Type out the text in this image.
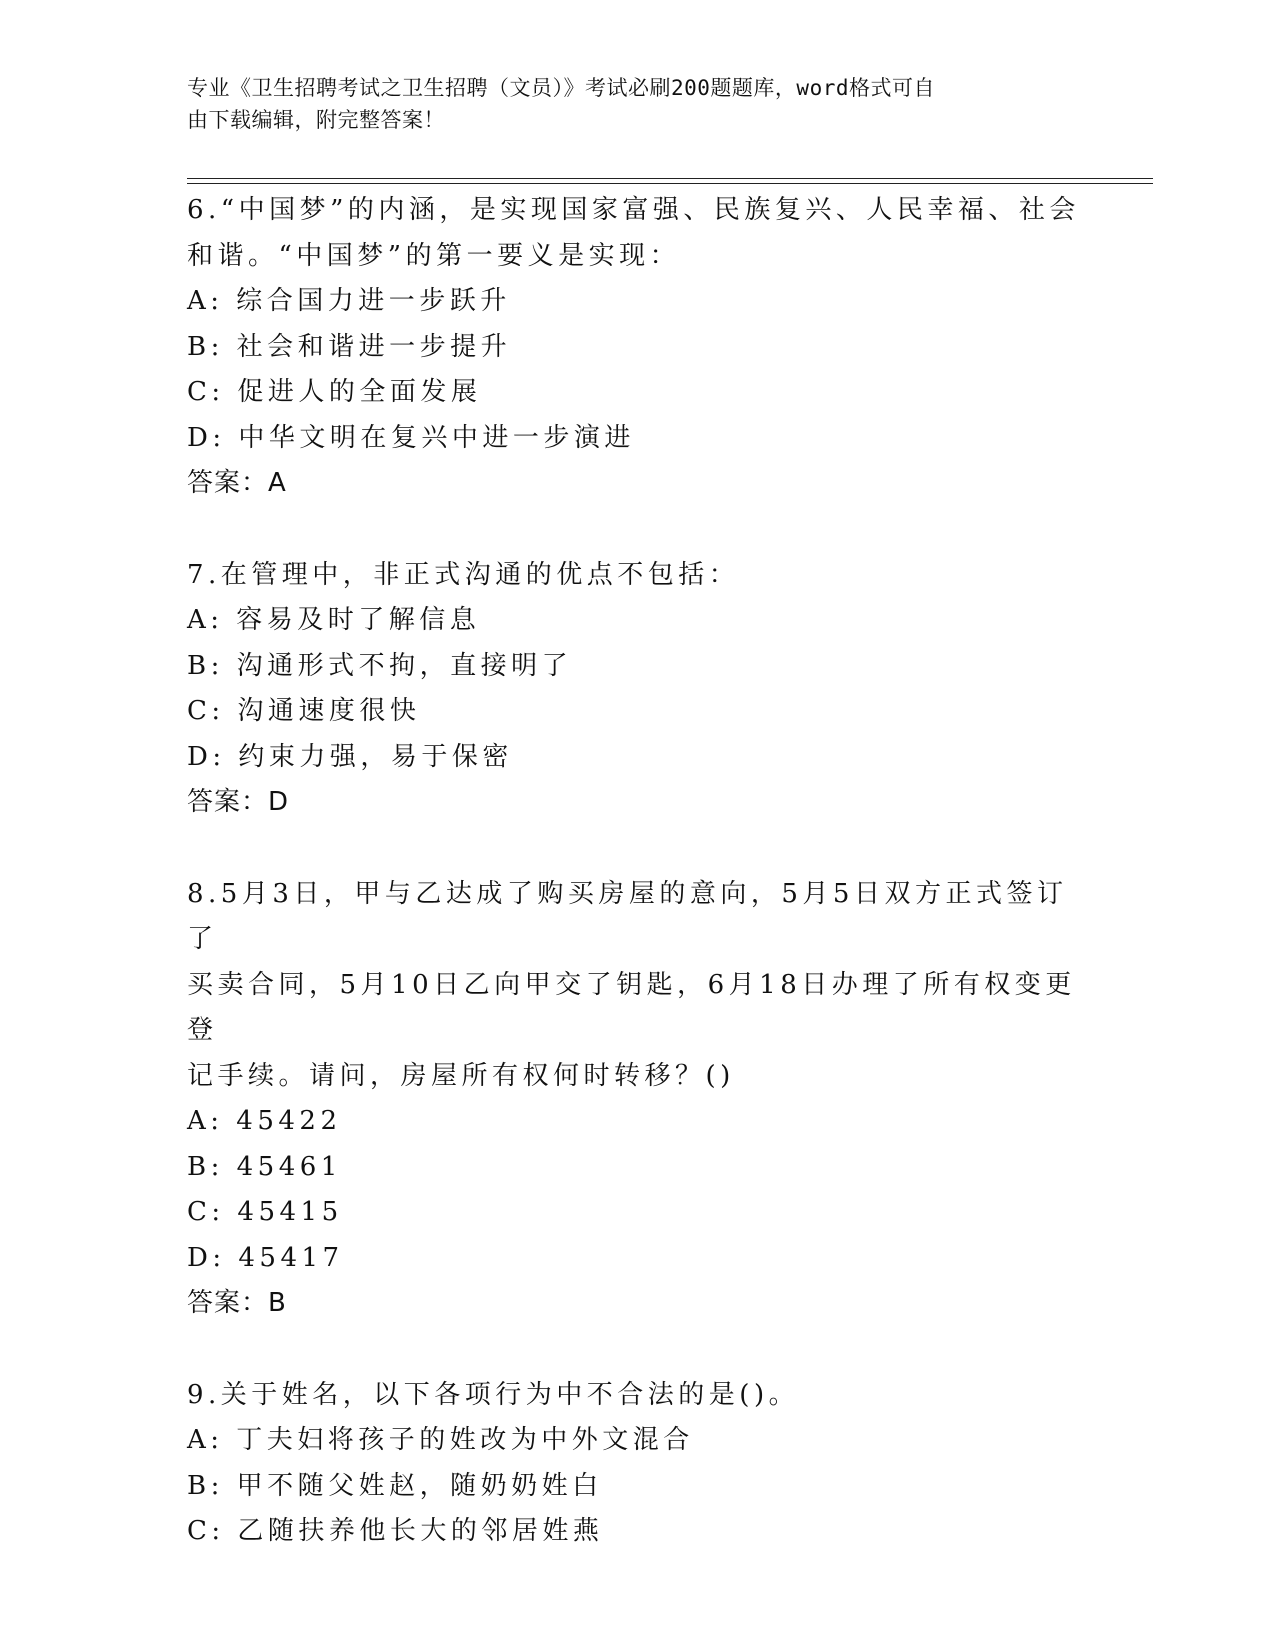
专业《卫生招聘考试之卫生招聘（文员）》考试必刷200题题库，word格式可自
由下载编辑，附完整答案！

6.“中国梦”的内涵，是实现国家富强、民族复兴、人民幸福、社会

和谐。“中国梦”的第一要义是实现：

A: 综合国力进一步跃升

B: 社会和谐进一步提升

C: 促进人的全面发展

D: 中华文明在复兴中进一步演进

答案：A

7.在管理中，非正式沟通的优点不包括：

A: 容易及时了解信息

B: 沟通形式不拘，直接明了

C: 沟通速度很快

D: 约束力强，易于保密

答案：D

8.5月3日，甲与乙达成了购买房屋的意向，5月5日双方正式签订了

买卖合同，5月10日乙向甲交了钥匙，6月18日办理了所有权变更登

记手续。请问，房屋所有权何时转移？()

A: 45422

B: 45461

C: 45415

D: 45417

答案：B

9.关于姓名，以下各项行为中不合法的是()。

A: 丁夫妇将孩子的姓改为中外文混合

B: 甲不随父姓赵，随奶奶姓白

C: 乙随扶养他长大的邻居姓燕
